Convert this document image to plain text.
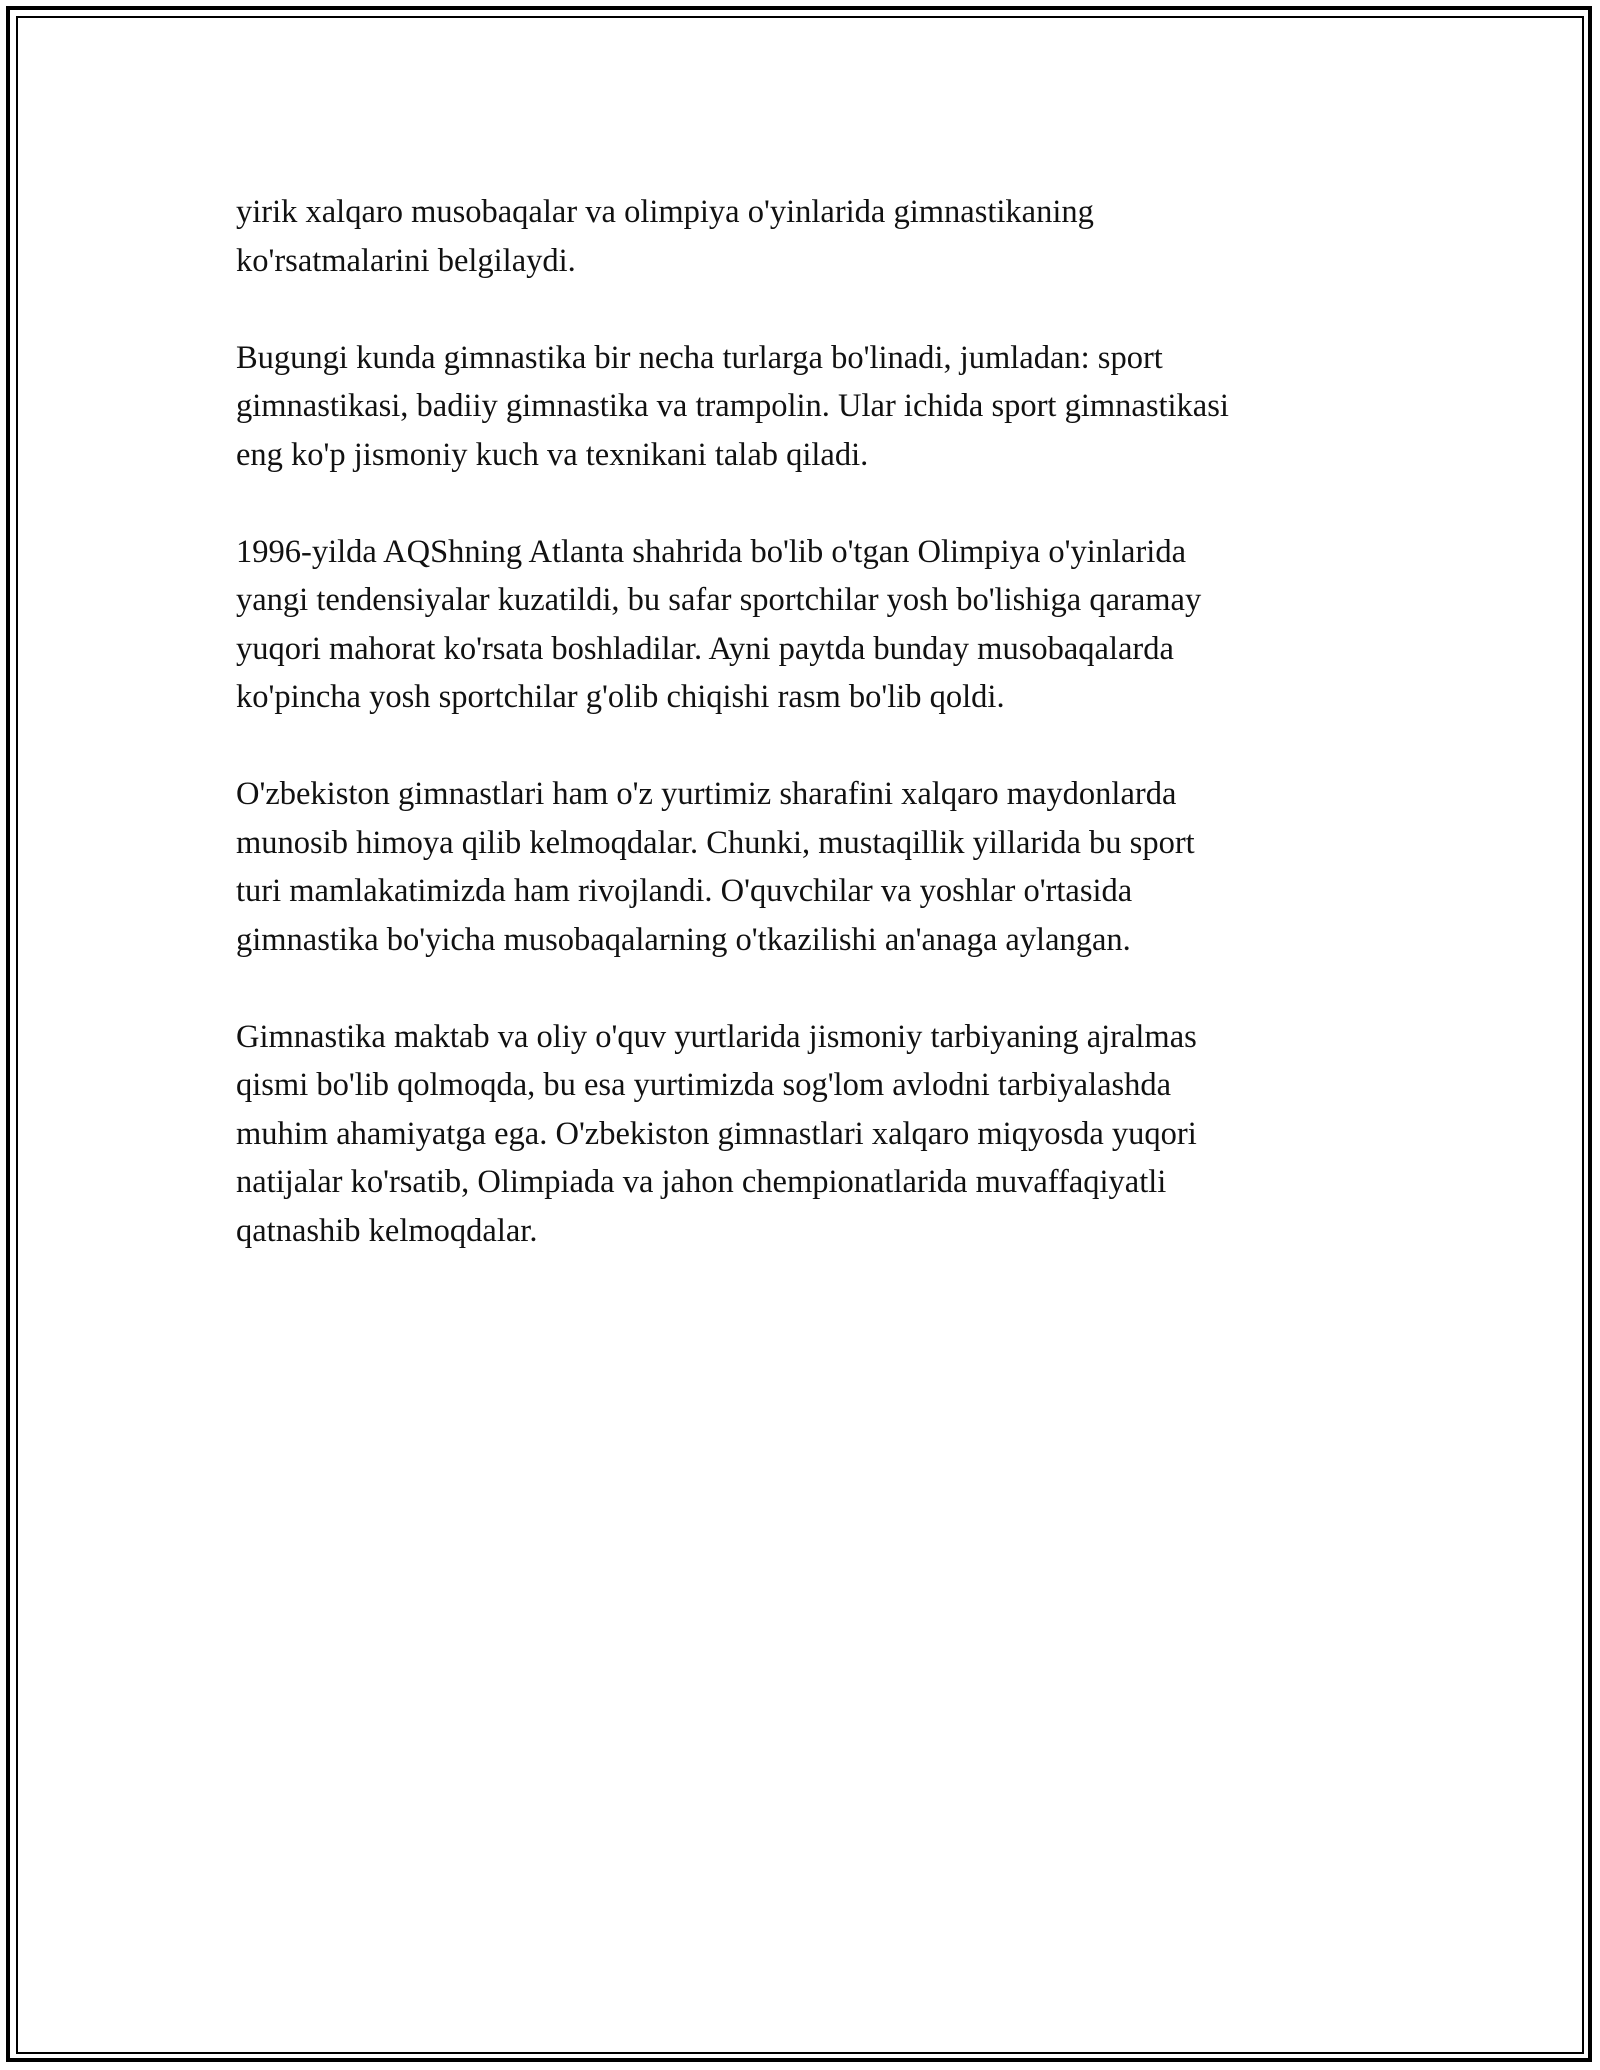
yirik xalqaro musobaqalar va olimpiya o'yinlarida gimnastikaning
ko'rsatmalarini belgilaydi.

Bugungi kunda gimnastika bir necha turlarga bo'linadi, jumladan: sport
gimnastikasi, badiiy gimnastika va trampolin. Ular ichida sport gimnastikasi
eng ko'p jismoniy kuch va texnikani talab qiladi.

1996-yilda AQShning Atlanta shahrida bo'lib o'tgan Olimpiya o'yinlarida
yangi tendensiyalar kuzatildi, bu safar sportchilar yosh bo'lishiga qaramay
yuqori mahorat ko'rsata boshladilar. Ayni paytda bunday musobaqalarda
ko'pincha yosh sportchilar g'olib chiqishi rasm bo'lib qoldi.

O'zbekiston gimnastlari ham o'z yurtimiz sharafini xalqaro maydonlarda
munosib himoya qilib kelmoqdalar. Chunki, mustaqillik yillarida bu sport
turi mamlakatimizda ham rivojlandi. O'quvchilar va yoshlar o'rtasida
gimnastika bo'yicha musobaqalarning o'tkazilishi an'anaga aylangan.

Gimnastika maktab va oliy o'quv yurtlarida jismoniy tarbiyaning ajralmas
qismi bo'lib qolmoqda, bu esa yurtimizda sog'lom avlodni tarbiyalashda
muhim ahamiyatga ega. O'zbekiston gimnastlari xalqaro miqyosda yuqori
natijalar ko'rsatib, Olimpiada va jahon chempionatlarida muvaffaqiyatli
qatnashib kelmoqdalar.
